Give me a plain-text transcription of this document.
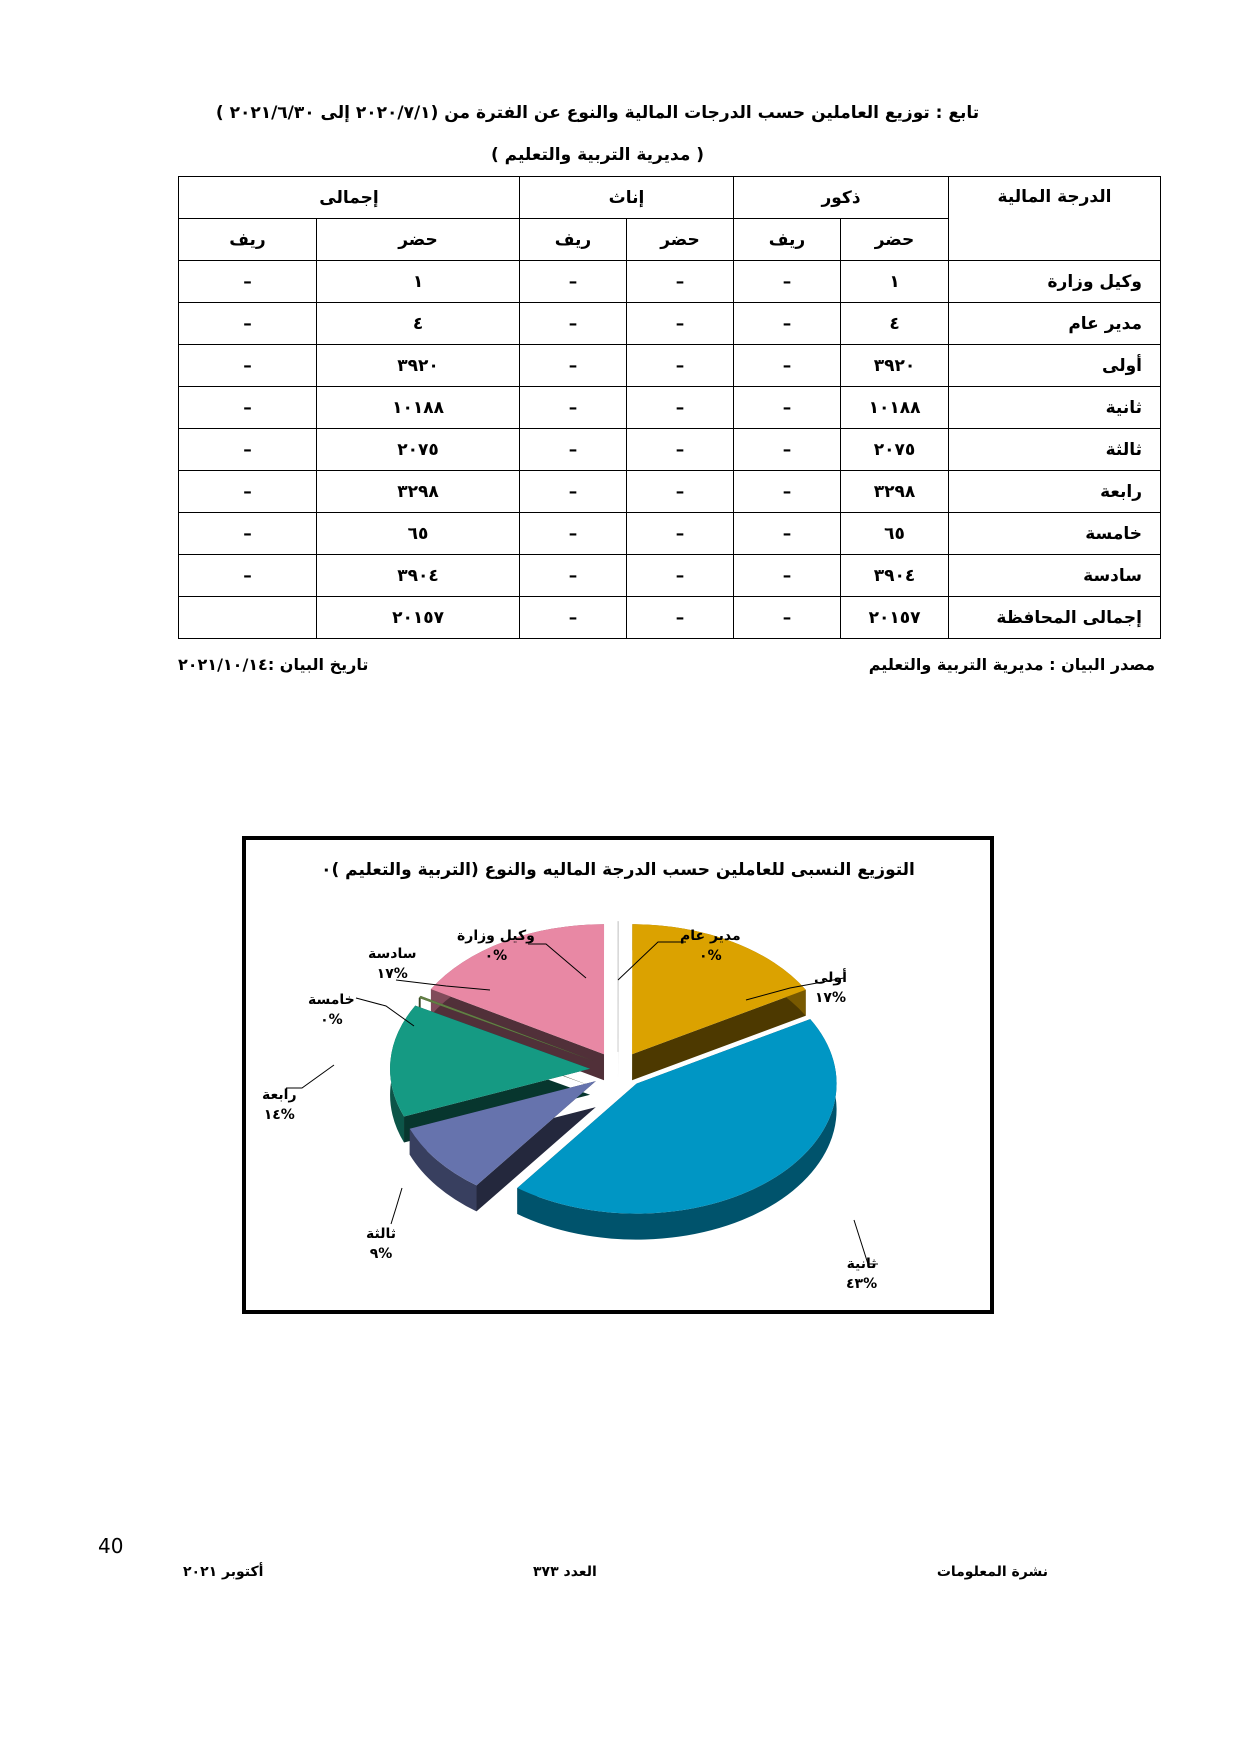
تابع : توزيع العاملين حسب الدرجات المالية والنوع عن الفترة من (٢٠٢٠/٧/١ إلى ٢٠٢١/٦/٣٠ )
( مديرية التربية والتعليم )
الدرجة المالية	ذكور		إناث		إجمالى	
	حضر	ريف	حضر	ريف	حضر	ريف
وكيل وزارة	١	–	–	–	١	–
مدير عام	٤	–	–	–	٤	–
أولى	٣٩٢٠	–	–	–	٣٩٢٠	–
ثانية	١٠١٨٨	–	–	–	١٠١٨٨	–
ثالثة	٢٠٧٥	–	–	–	٢٠٧٥	–
رابعة	٣٢٩٨	–	–	–	٣٢٩٨	–
خامسة	٦٥	–	–	–	٦٥	–
سادسة	٣٩٠٤	–	–	–	٣٩٠٤	–
إجمالى المحافظة	٢٠١٥٧	–	–	–	٢٠١٥٧	
مصدر البيان : مديرية التربية والتعليم
تاريخ البيان :٢٠٢١/١٠/١٤
التوزيع النسبى للعاملين حسب الدرجة الماليه والنوع (التربية والتعليم )٠
وكيل وزارة
%٠
مدير عام
%٠
أولى
%١٧
ثانية
%٤٣
ثالثة
%٩
رابعة
%١٤
خامسة
%٠
سادسة
%١٧
40
نشرة المعلومات
العدد ٣٧٣
أكتوبر ٢٠٢١
